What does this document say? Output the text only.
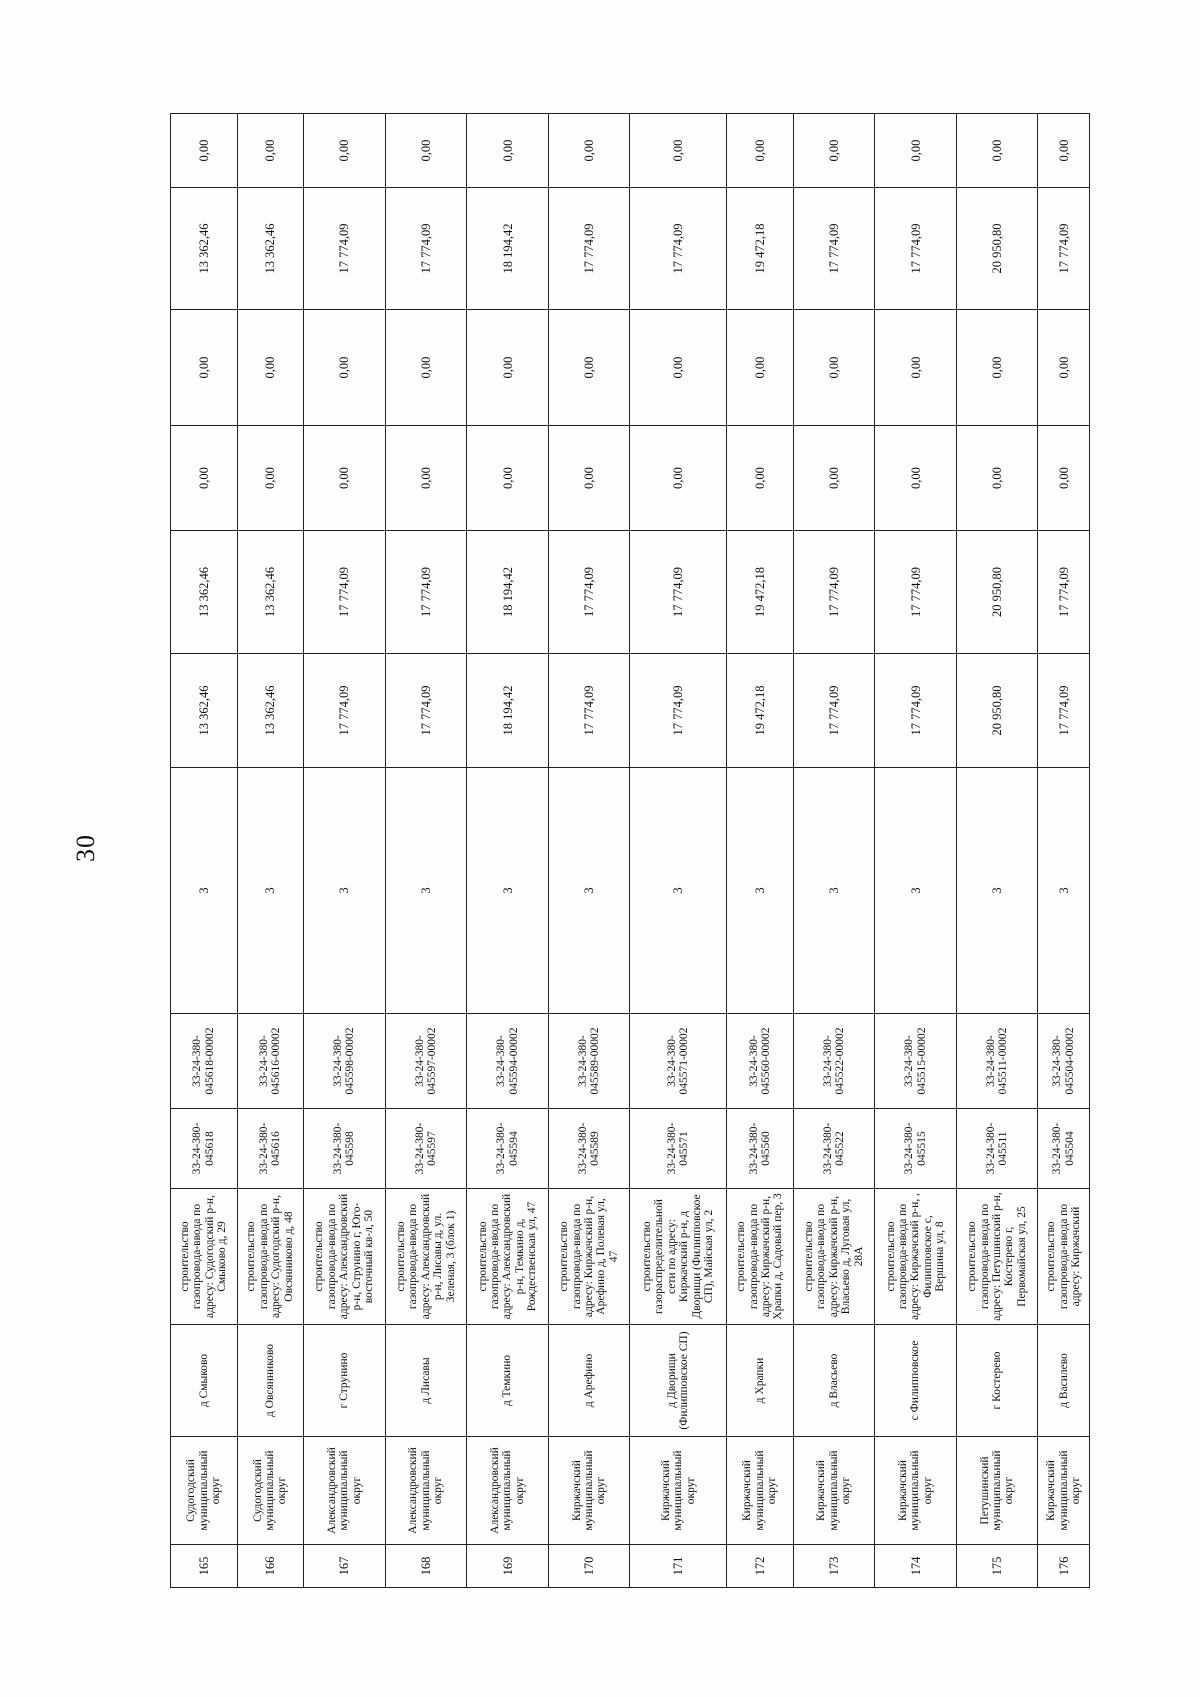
30
165	Судогодский муниципальный округ	д Смыково	строительство газопровода-ввода по адресу: Судогодский р-н, Смыково д, 29	33-24-380-045618	33-24-380-045618-00002	3	13 362,46	13 362,46	0,00	0,00	13 362,46	0,00
166	Судогодский муниципальный округ	д Овсянниково	строительство газопровода-ввода по адресу: Судогодский р-н, Овсянниково д, 48	33-24-380-045616	33-24-380-045616-00002	3	13 362,46	13 362,46	0,00	0,00	13 362,46	0,00
167	Александровский муниципальный округ	г Струнино	строительство газопровода-ввода по адресу: Александровский р-н, Струнино г, Юго-восточный кв-л, 50	33-24-380-045598	33-24-380-045598-00002	3	17 774,09	17 774,09	0,00	0,00	17 774,09	0,00
168	Александровский муниципальный округ	д Лисавы	строительство газопровода-ввода по адресу: Александровский р-н, Лисавы д, ул. Зеленая, 3 (блок 1)	33-24-380-045597	33-24-380-045597-00002	3	17 774,09	17 774,09	0,00	0,00	17 774,09	0,00
169	Александровский муниципальный округ	д Темкино	строительство газопровода-ввода по адресу: Александровский р-н, Темкино д, Рождественская ул, 47	33-24-380-045594	33-24-380-045594-00002	3	18 194,42	18 194,42	0,00	0,00	18 194,42	0,00
170	Киржачский муниципальный округ	д Арефино	строительство газопровода-ввода по адресу: Киржачский р-н, Арефино д, Полевая ул, 47	33-24-380-045589	33-24-380-045589-00002	3	17 774,09	17 774,09	0,00	0,00	17 774,09	0,00
171	Киржачский муниципальный округ	д Дворищи (Филипповское СП)	строительство газораспределительной сети по адресу: Киржачский р-н, д Дворищи (Филипповское СП), Майская ул, 2	33-24-380-045571	33-24-380-045571-00002	3	17 774,09	17 774,09	0,00	0,00	17 774,09	0,00
172	Киржачский муниципальный округ	д Храпки	строительство газопровода-ввода по адресу: Киржачский р-н, Храпки д, Садовый пер, 3	33-24-380-045560	33-24-380-045560-00002	3	19 472,18	19 472,18	0,00	0,00	19 472,18	0,00
173	Киржачский муниципальный округ	д Власьево	строительство газопровода-ввода по адресу: Киржачский р-н, Власьево д, Луговая ул, 28А	33-24-380-045522	33-24-380-045522-00002	3	17 774,09	17 774,09	0,00	0,00	17 774,09	0,00
174	Киржачский муниципальный округ	с Филипповское	строительство газопровода-ввода по адресу: Киржачский р-н, , Филипповское с, Вершина ул, 8	33-24-380-045515	33-24-380-045515-00002	3	17 774,09	17 774,09	0,00	0,00	17 774,09	0,00
175	Петушинский муниципальный округ	г Костерево	строительство газопровода-ввода по адресу: Петушинский р-н, Костерево г, Первомайская ул, 25	33-24-380-045511	33-24-380-045511-00002	3	20 950,80	20 950,80	0,00	0,00	20 950,80	0,00
176	Киржачский муниципальный округ	д Василево	строительство газопровода-ввода по адресу: Киржачский	33-24-380-045504	33-24-380-045504-00002	3	17 774,09	17 774,09	0,00	0,00	17 774,09	0,00
